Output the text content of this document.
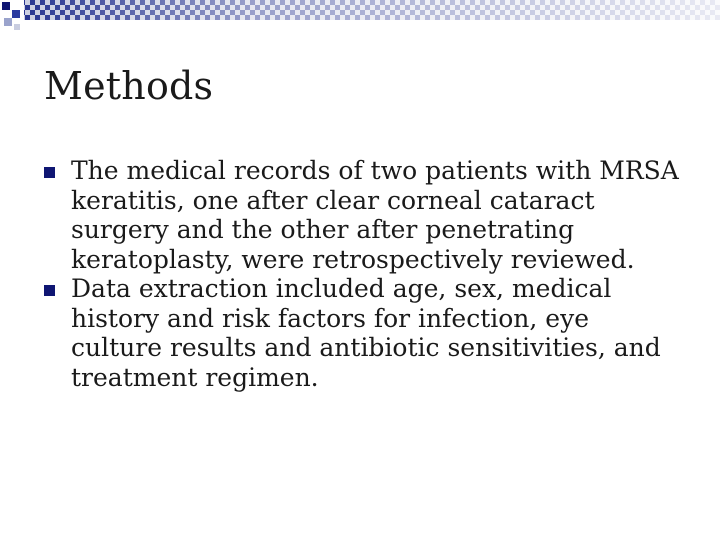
Methods
The medical records of two patients with MRSA keratitis, one after clear corneal cataract surgery and the other after penetrating keratoplasty, were retrospectively reviewed.
Data extraction included age, sex, medical history and risk factors for infection, eye culture results and antibiotic sensitivities, and treatment regimen.
